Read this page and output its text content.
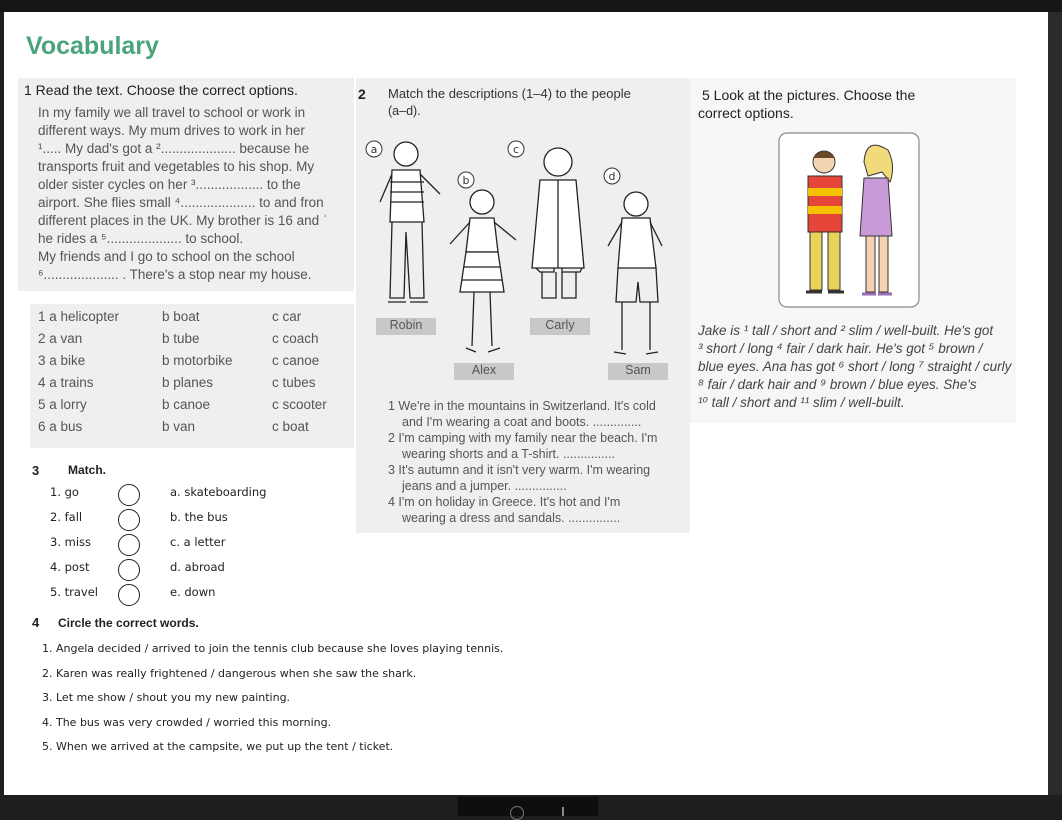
Vocabulary
1 Read the text. Choose the correct options.
In my family we all travel to school or work in
different ways. My mum drives to work in her
¹..... My dad's got a ².................... because he
transports fruit and vegetables to his shop. My
older sister cycles on her ³.................. to the
airport. She flies small ⁴.................... to and fron
different places in the UK. My brother is 16 and ʾ
he rides a ⁵.................... to school.
My friends and I go to school on the school
⁶.................... . There's a stop near my house.
1 a helicopter	b boat	c car
2 a van	b tube	c coach
3 a bike	b motorbike	c canoe
4 a trains	b planes	c tubes
5 a lorry	b canoe	c scooter
6 a bus	b van	c boat
2 Match the descriptions (1–4) to the people
(a–d).
a
b
c
d
Robin	Carly
Alex	Sam
1 We're in the mountains in Switzerland. It's cold
and I'm wearing a coat and boots. ..............
2 I'm camping with my family near the beach. I'm
wearing shorts and a T-shirt. ...............
3 It's autumn and it isn't very warm. I'm wearing
jeans and a jumper. ...............
4 I'm on holiday in Greece. It's hot and I'm
wearing a dress and sandals. ...............
3 Match.
1. go
2. fall
3. miss
4. post
5. travel
a. skateboarding
b. the bus
c. a letter
d. abroad
e. down
4 Circle the correct words.
1. Angela decided / arrived to join the tennis club because she loves playing tennis.
2. Karen was really frightened / dangerous when she saw the shark.
3. Let me show / shout you my new painting.
4. The bus was very crowded / worried this morning.
5. When we arrived at the campsite, we put up the tent / ticket.
5 Look at the pictures. Choose the
correct options.
Jake is ¹ tall / short and ² slim / well-built. He's got
³ short / long ⁴ fair / dark hair. He's got ⁵ brown /
blue eyes. Ana has got ⁶ short / long ⁷ straight / curly
⁸ fair / dark hair and ⁹ brown / blue eyes. She's
¹⁰ tall / short and ¹¹ slim / well-built.
